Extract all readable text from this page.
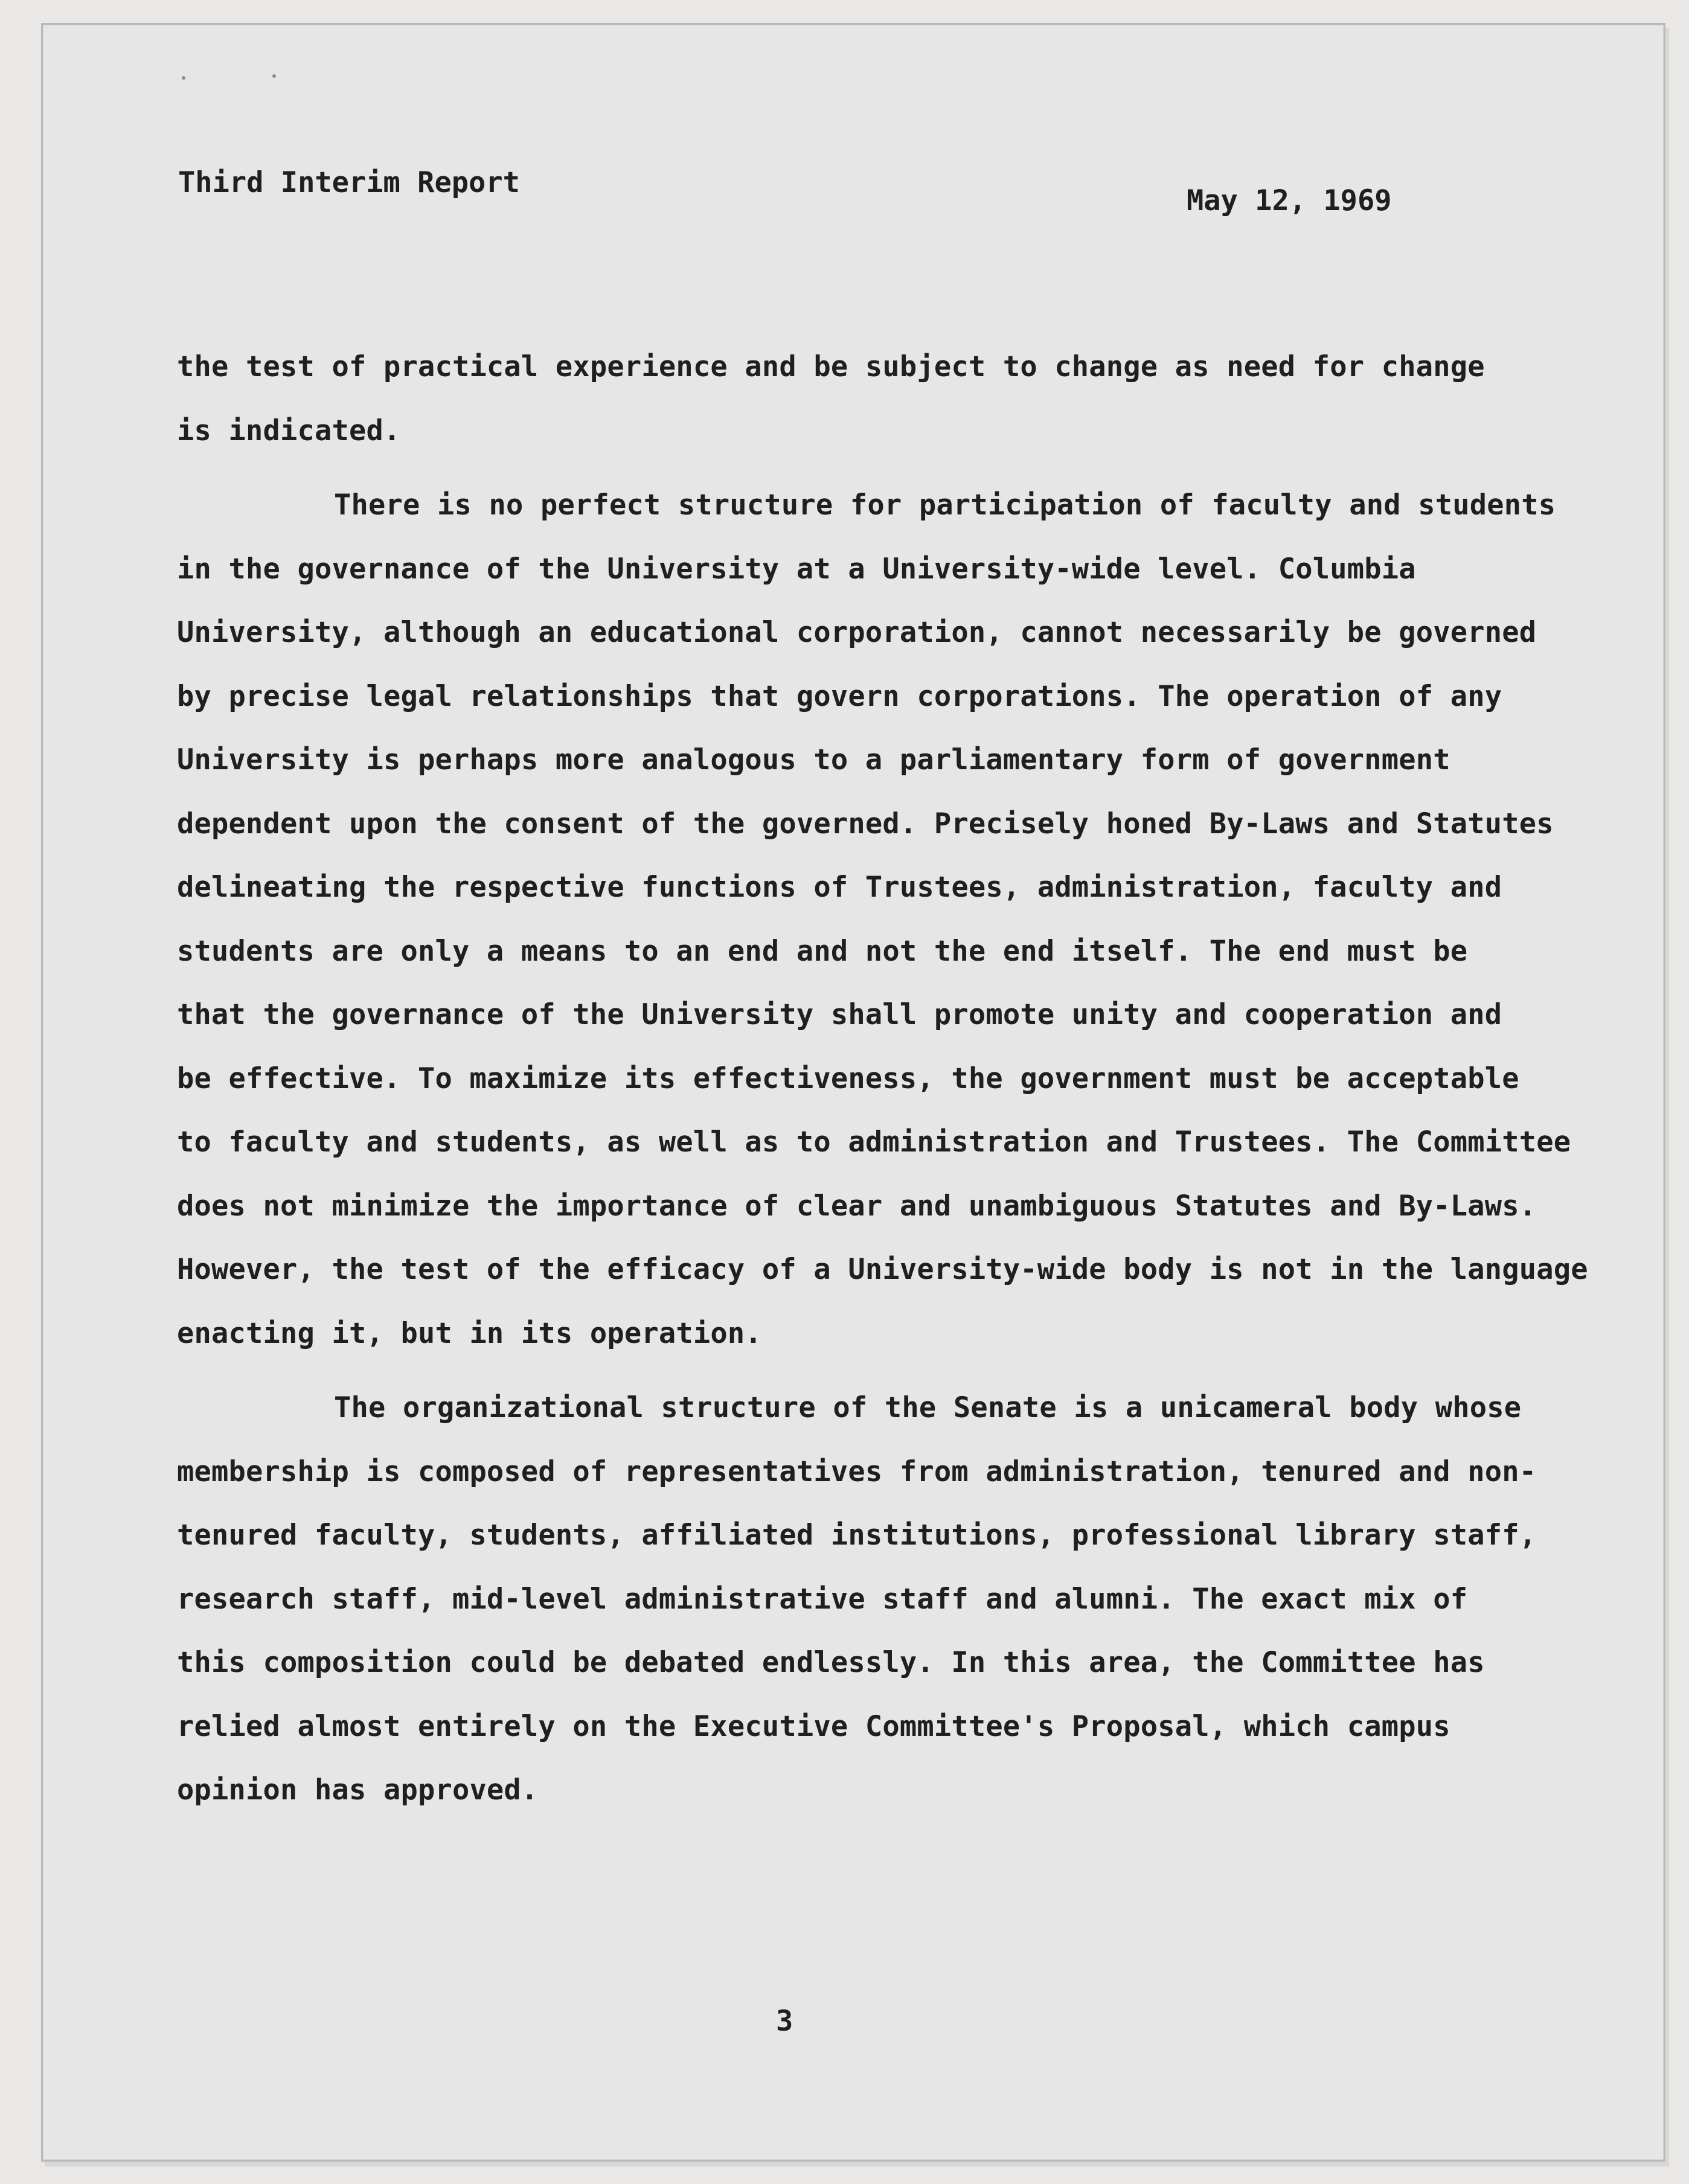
Third Interim Report
May 12, 1969
the test of practical experience and be subject to change as need for change
is indicated.
There is no perfect structure for participation of faculty and students
in the governance of the University at a University-wide level. Columbia
University, although an educational corporation, cannot necessarily be governed
by precise legal relationships that govern corporations. The operation of any
University is perhaps more analogous to a parliamentary form of government
dependent upon the consent of the governed. Precisely honed By-Laws and Statutes
delineating the respective functions of Trustees, administration, faculty and
students are only a means to an end and not the end itself. The end must be
that the governance of the University shall promote unity and cooperation and
be effective. To maximize its effectiveness, the government must be acceptable
to faculty and students, as well as to administration and Trustees. The Committee
does not minimize the importance of clear and unambiguous Statutes and By-Laws.
However, the test of the efficacy of a University-wide body is not in the language
enacting it, but in its operation.
The organizational structure of the Senate is a unicameral body whose
membership is composed of representatives from administration, tenured and non-
tenured faculty, students, affiliated institutions, professional library staff,
research staff, mid-level administrative staff and alumni. The exact mix of
this composition could be debated endlessly. In this area, the Committee has
relied almost entirely on the Executive Committee's Proposal, which campus
opinion has approved.
3
